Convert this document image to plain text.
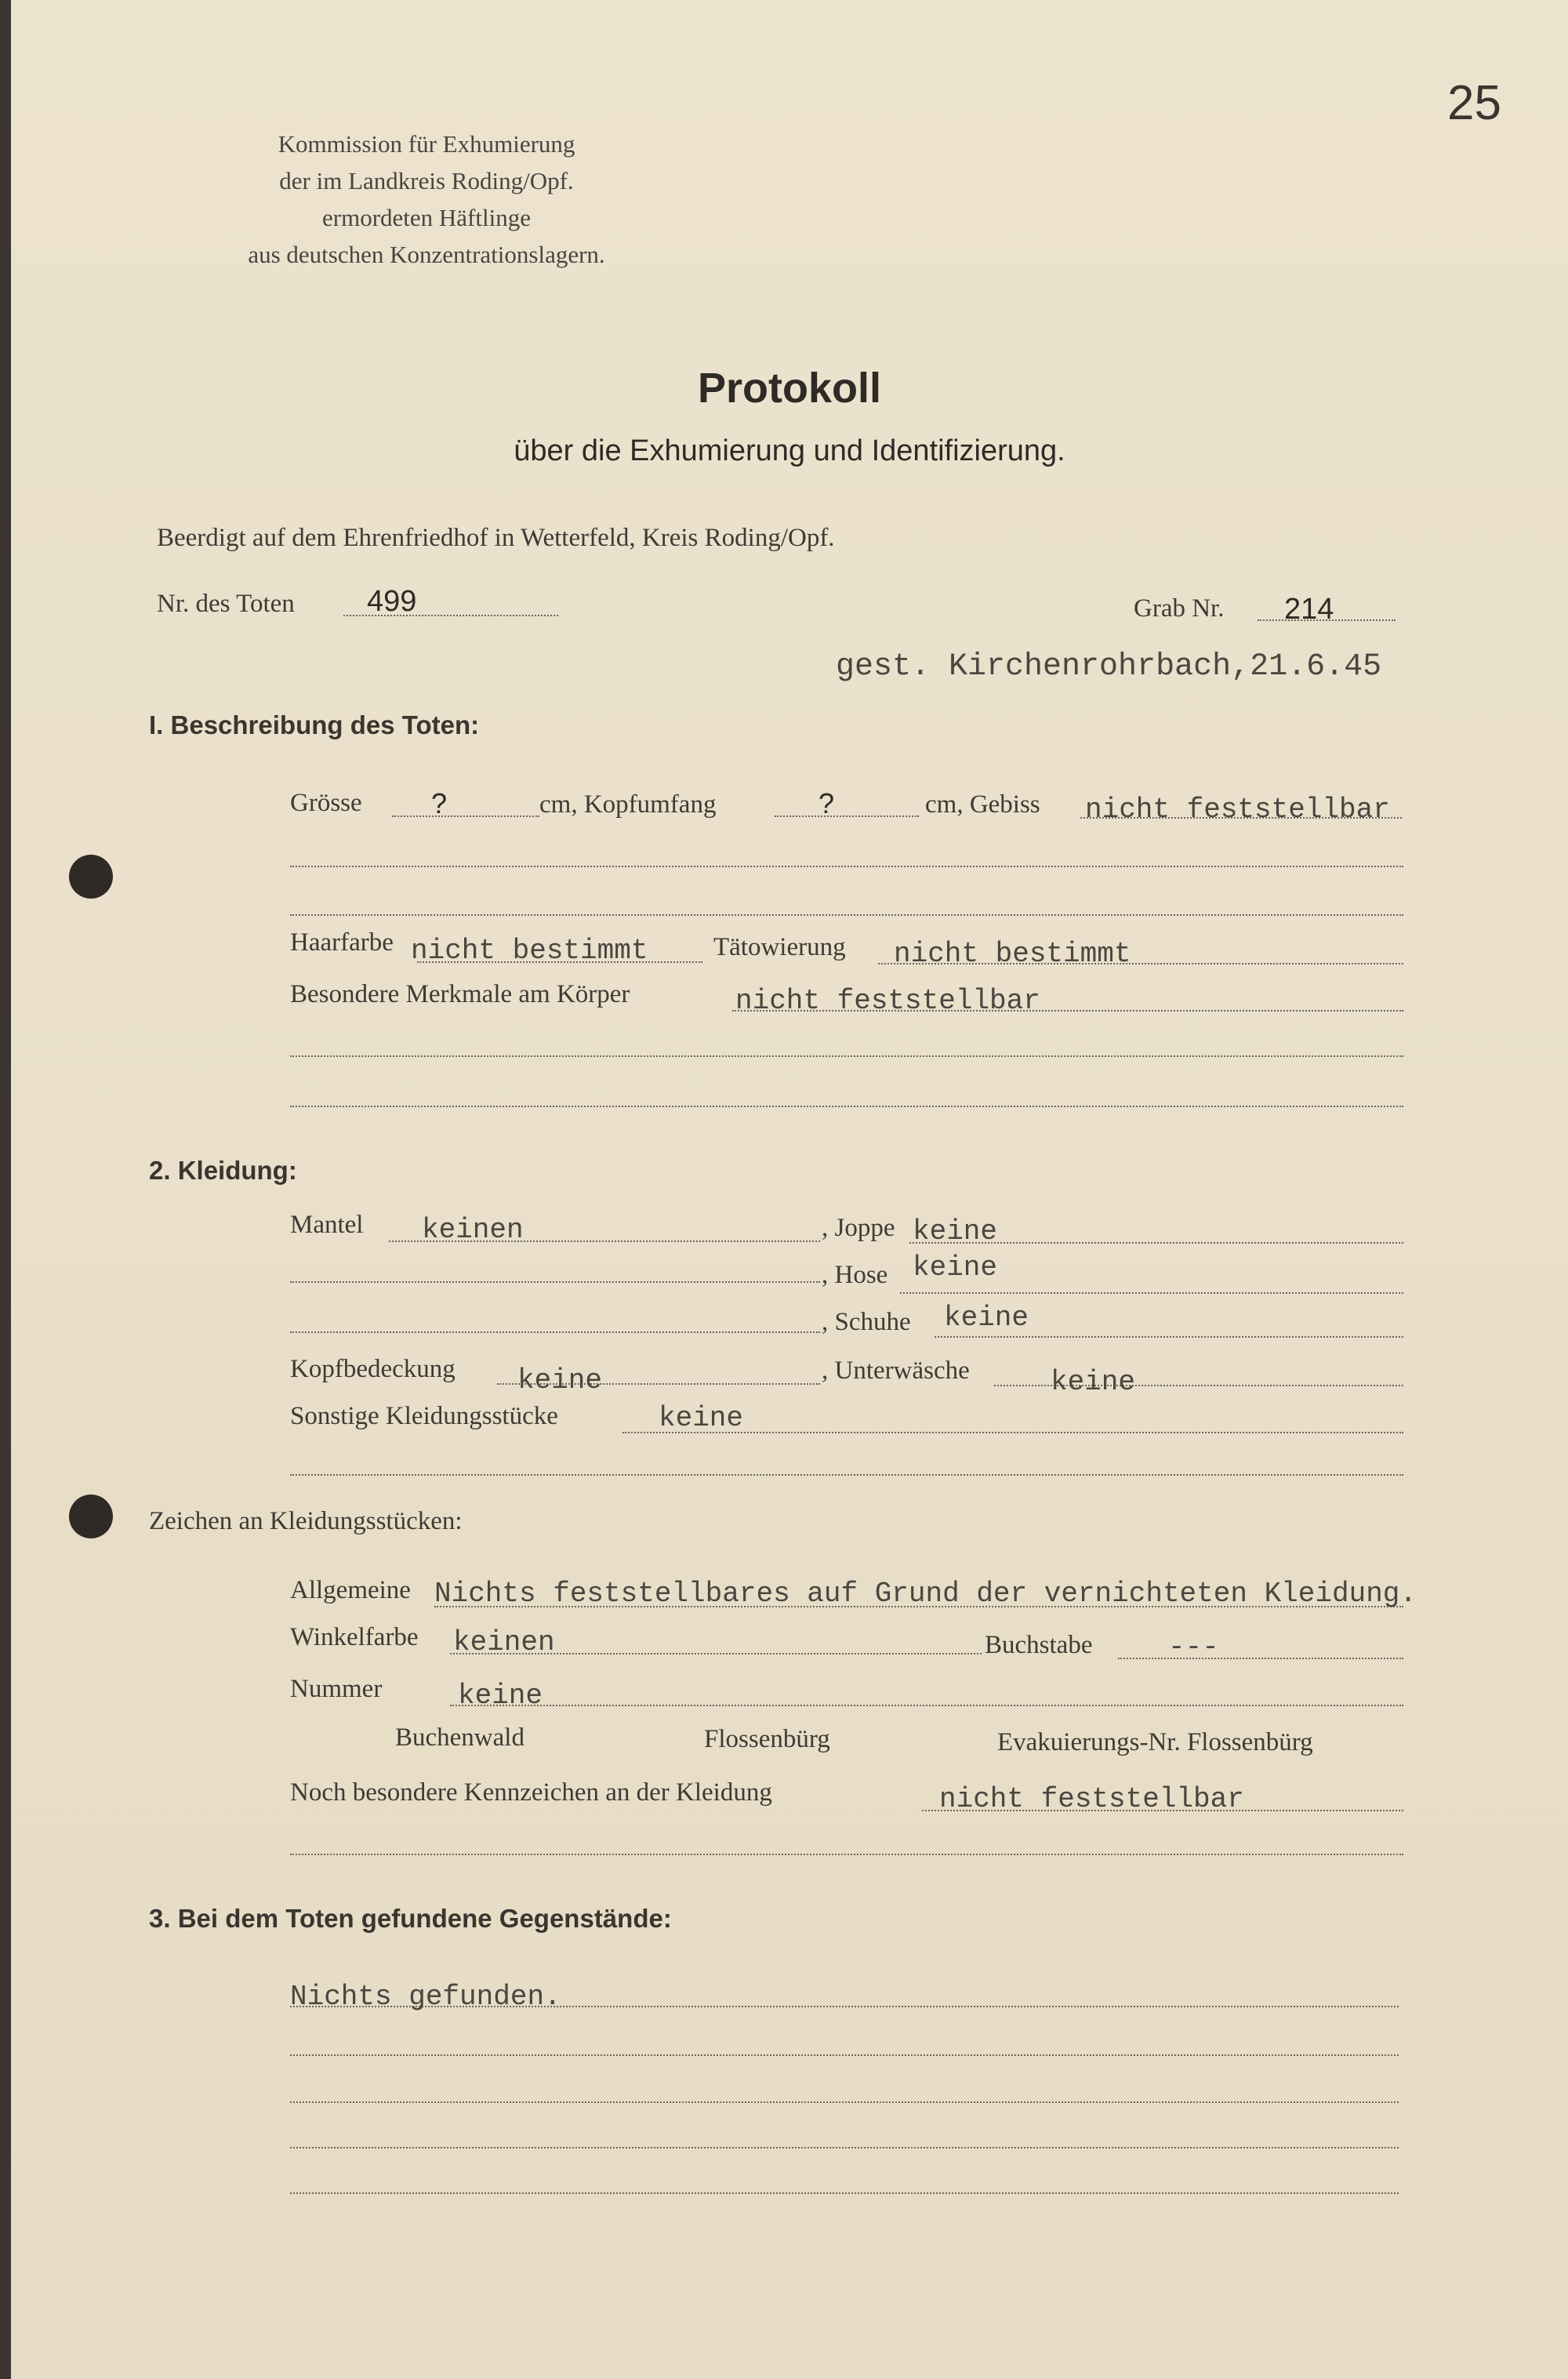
25
Kommission für Exhumierung
der im Landkreis Roding/Opf.
ermordeten Häftlinge
aus deutschen Konzentrationslagern.
Protokoll
über die Exhumierung und Identifizierung.
Beerdigt auf dem Ehrenfriedhof in Wetterfeld, Kreis Roding/Opf.
Nr. des Toten 499	Grab Nr. 214
gest. Kirchenrohrbach,21.6.45
I. Beschreibung des Toten:
Grösse ?	cm, Kopfumfang	?	cm, Gebiss nicht feststellbar
Haarfarbe nicht bestimmt	Tätowierung nicht bestimmt
Besondere Merkmale am Körper	nicht feststellbar
2. Kleidung:
Mantel keinen	, Joppe keine
, Hose keine
, Schuhe keine
Kopfbedeckung keine	, Unterwäsche	keine
Sonstige Kleidungsstücke	keine
Zeichen an Kleidungsstücken:
Allgemeine Nichts feststellbares auf Grund der vernichteten Kleidung.
Winkelfarbe keinen	Buchstabe	---
Nummer	keine
Buchenwald	Flossenbürg	Evakuierungs-Nr. Flossenbürg
Noch besondere Kennzeichen an der Kleidung	nicht feststellbar
3. Bei dem Toten gefundene Gegenstände:
Nichts gefunden.
